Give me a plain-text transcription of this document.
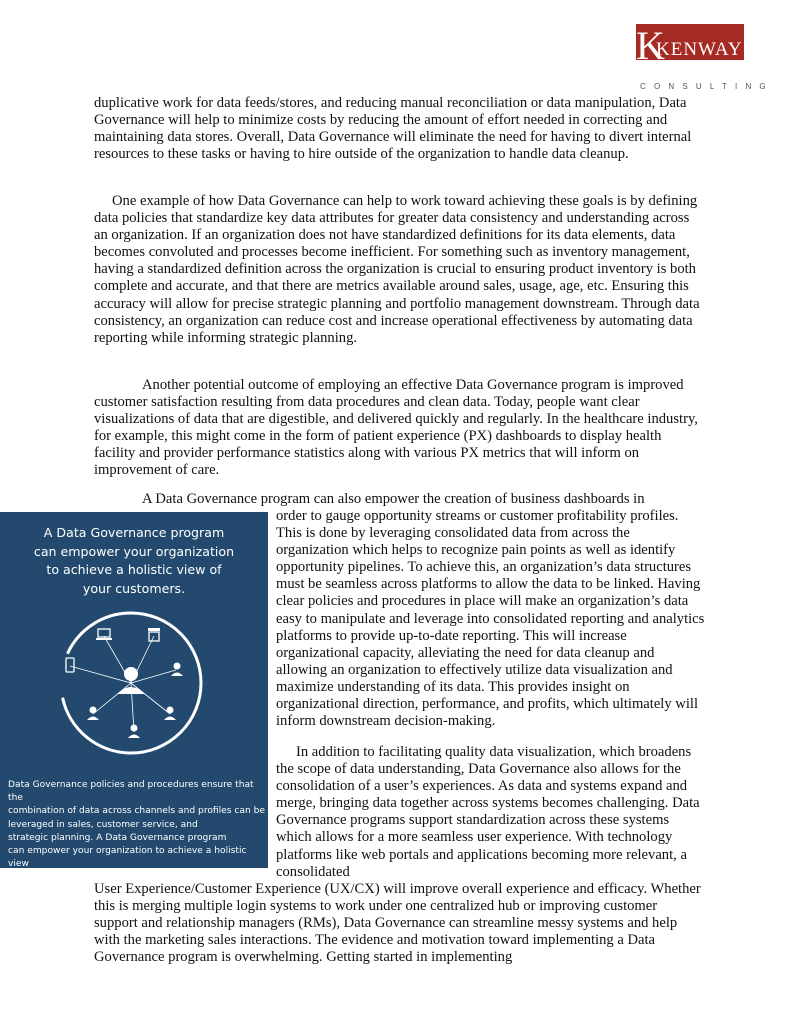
K
KENWAY
CONSULTING

duplicative work for data feeds/stores, and reducing manual reconciliation or data manipulation, Data Governance will help to minimize costs by reducing the amount of effort needed in correcting and maintaining data stores. Overall, Data Governance will eliminate the need for having to divert internal resources to these tasks or having to hire outside of the organization to handle data cleanup.

One example of how Data Governance can help to work toward achieving these goals is by defining data policies that standardize key data attributes for greater data consistency and understanding across an organization. If an organization does not have standardized definitions for its data elements, data becomes convoluted and processes become inefficient. For something such as inventory management, having a standardized definition across the organization is crucial to ensuring product inventory is both complete and accurate, and that there are metrics available around sales, usage, age, etc. Ensuring this accuracy will allow for precise strategic planning and portfolio management downstream. Through data consistency, an organization can reduce cost and increase operational effectiveness by automating data reporting while informing strategic planning.

Another potential outcome of employing an effective Data Governance program is improved customer satisfaction resulting from data procedures and clean data. Today, people want clear visualizations of data that are digestible, and delivered quickly and regularly. In the healthcare industry, for example, this might come in the form of patient experience (PX) dashboards to display health facility and provider performance statistics along with various PX metrics that will inform on improvement of care.

A Data Governance program can also empower the creation of business dashboards in

A Data Governance program
can empower your organization
to achieve a holistic view of
your customers.
Data Governance policies and procedures ensure that the
combination of data across channels and profiles can be
leveraged in sales, customer service, and
strategic planning. A Data Governance program
can empower your organization to achieve a holistic view
of your customers’ relationship across the organization.

order to gauge opportunity streams or customer profitability profiles. This is done by leveraging consolidated data from across the organization which helps to recognize pain points as well as identify opportunity pipelines. To achieve this, an organization’s data structures must be seamless across platforms to allow the data to be linked. Having clear policies and procedures in place will make an organization’s data easy to manipulate and leverage into consolidated reporting and analytics platforms to provide up-to-date reporting. This will increase organizational capacity, alleviating the need for data cleanup and allowing an organization to effectively utilize data visualization and maximize understanding of its data. This provides insight on organizational direction, performance, and profits, which ultimately will inform downstream decision-making.

In addition to facilitating quality data visualization, which broadens the scope of data understanding, Data Governance also allows for the consolidation of a user’s experiences. As data and systems expand and merge, bringing data together across systems becomes challenging. Data Governance programs support standardization across these systems which allows for a more seamless user experience. With technology platforms like web portals and applications becoming more relevant, a consolidated

User Experience/Customer Experience (UX/CX) will improve overall experience and efficacy. Whether this is merging multiple login systems to work under one centralized hub or improving customer support and relationship managers (RMs), Data Governance can streamline messy systems and help with the marketing sales interactions. The evidence and motivation toward implementing a Data Governance program is overwhelming. Getting started in implementing
